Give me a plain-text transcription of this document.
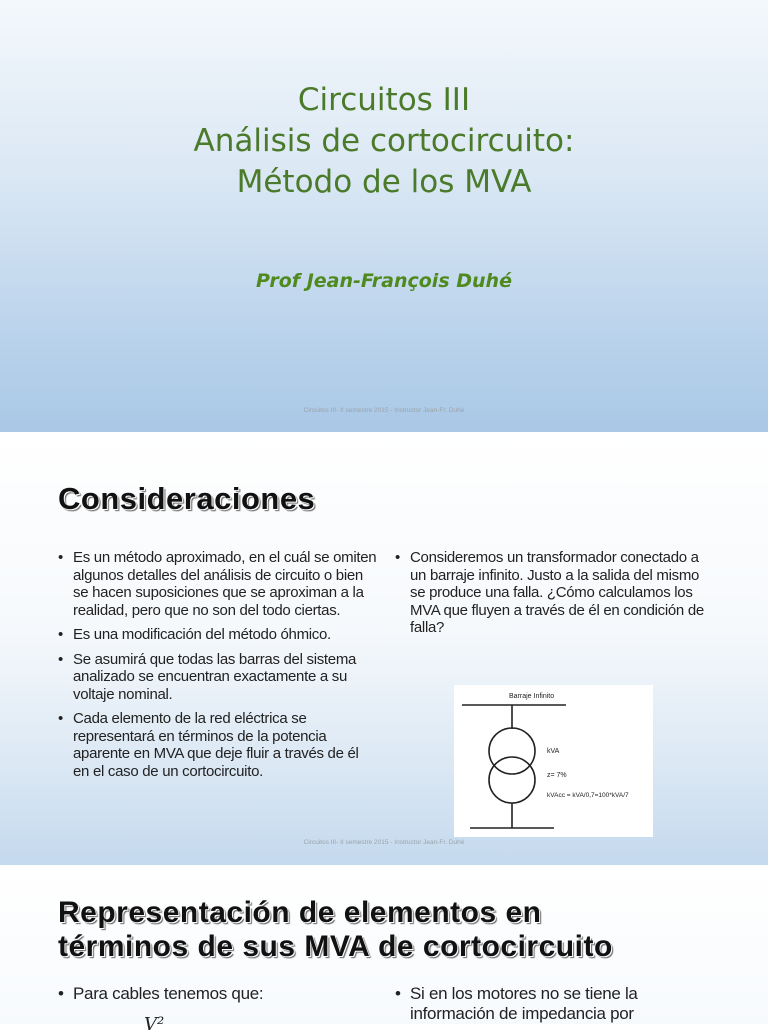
Circuitos III
Análisis de cortocircuito:
Método de los MVA
Prof Jean-François Duhé
Circuitos III- II semestre 2015 - Instructor Jean-Fr. Duhé
Consideraciones
• Es un método aproximado, en el cuál se omiten algunos detalles del análisis de circuito o bien se hacen suposiciones que se aproximan a la realidad, pero que no son del todo ciertas.
• Es una modificación del método óhmico.
• Se asumirá que todas las barras del sistema analizado se encuentran exactamente a su voltaje nominal.
• Cada elemento de la red eléctrica se representará en términos de la potencia aparente en MVA que deje fluir a través de él en el caso de un cortocircuito.
• Consideremos un transformador conectado a un barraje infinito. Justo a la salida del mismo se produce una falla. ¿Cómo calculamos los MVA que fluyen a través de él en condición de falla?
Barraje Infinito
kVA
z= 7%
kVAcc = kVA/0,7=100*kVA/7
Circuitos III- II semestre 2015 - Instructor Jean-Fr. Duhé
Representación de elementos en
términos de sus MVA de cortocircuito
• Para cables tenemos que:
V²
• Si en los motores no se tiene la información de impedancia por
